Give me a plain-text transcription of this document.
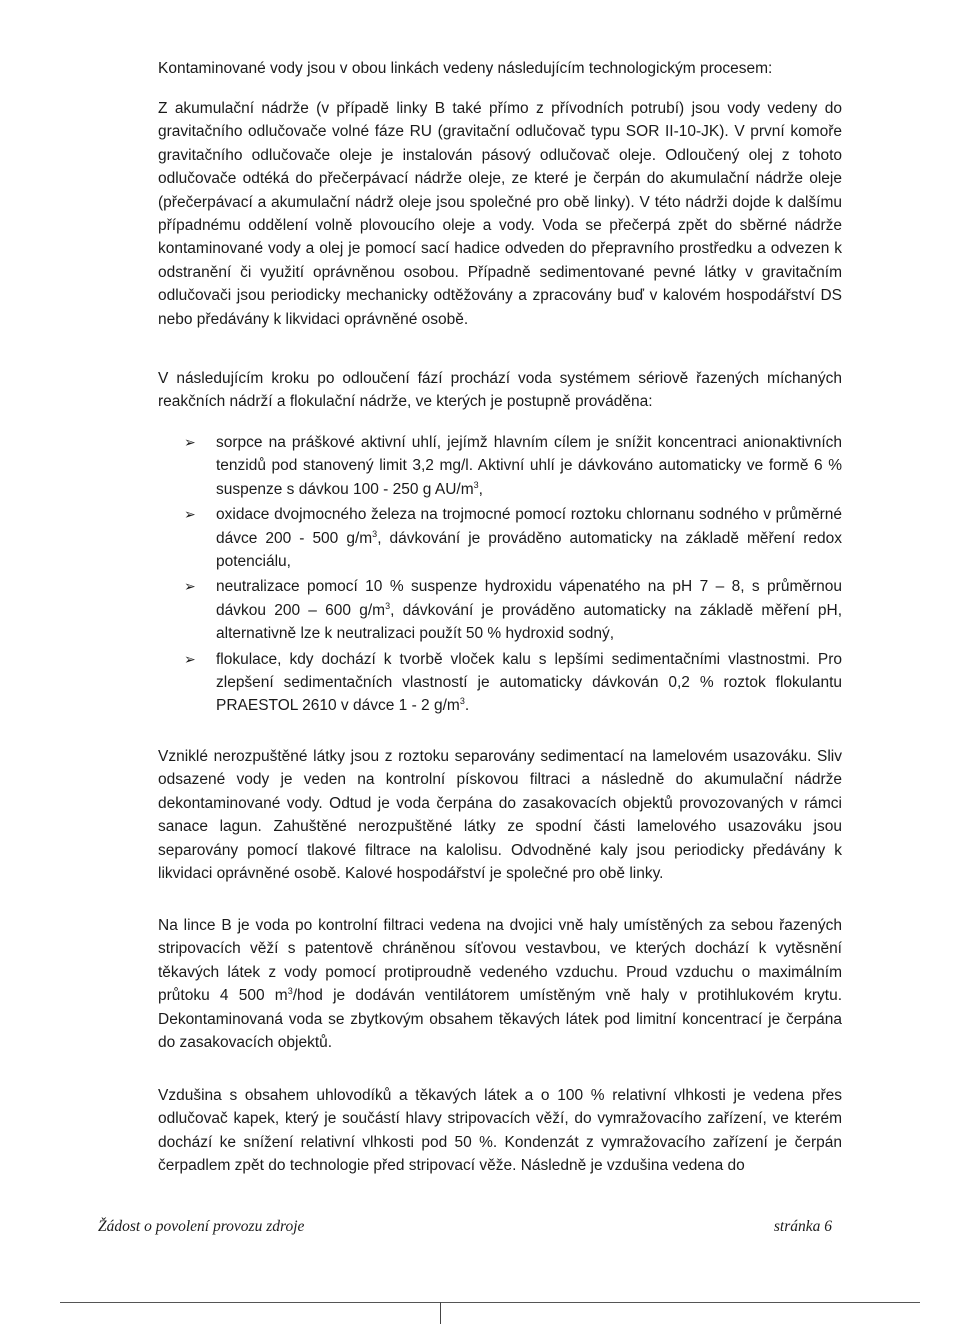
Kontaminované vody jsou v obou linkách vedeny následujícím technologickým procesem:

Z akumulační nádrže (v případě linky B také přímo z přívodních potrubí) jsou vody vedeny do gravitačního odlučovače volné fáze RU (gravitační odlučovač typu SOR II-10-JK). V první komoře gravitačního odlučovače oleje je instalován pásový odlučovač oleje. Odloučený olej z tohoto odlučovače odtéká do přečerpávací nádrže oleje, ze které je čerpán do akumulační nádrže oleje (přečerpávací a akumulační nádrž oleje jsou společné pro obě linky). V této nádrži dojde k dalšímu případnému oddělení volně plovoucího oleje a vody. Voda se přečerpá zpět do sběrné nádrže kontaminované vody a olej je pomocí sací hadice odveden do přepravního prostředku a odvezen k odstranění či využití oprávněnou osobou. Případně sedimentované pevné látky v gravitačním odlučovači jsou periodicky mechanicky odtěžovány a zpracovány buď v kalovém hospodářství DS nebo předávány k likvidaci oprávněné osobě.

V následujícím kroku po odloučení fází prochází voda systémem sériově řazených míchaných reakčních nádrží a flokulační nádrže, ve kterých je postupně prováděna:

➢ sorpce na práškové aktivní uhlí, jejímž hlavním cílem je snížit koncentraci anionaktivních tenzidů pod stanovený limit 3,2 mg/l. Aktivní uhlí je dávkováno automaticky ve formě 6 % suspenze s dávkou 100 - 250 g $AU/m^3$,
➢ oxidace dvojmocného železa na trojmocné pomocí roztoku chlornanu sodného v průměrné dávce 200 - 500 $g/m^3$, dávkování je prováděno automaticky na základě měření redox potenciálu,
➢ neutralizace pomocí 10 % suspenze hydroxidu vápenatého na pH 7 – 8, s průměrnou dávkou 200 – 600 $g/m^3$, dávkování je prováděno automaticky na základě měření pH, alternativně lze k neutralizaci použít 50 % hydroxid sodný,
➢ flokulace, kdy dochází k tvorbě vloček kalu s lepšími sedimentačními vlastnostmi. Pro zlepšení sedimentačních vlastností je automaticky dávkován 0,2 % roztok flokulantu PRAESTOL 2610 v dávce 1 - 2 $g/m^3$.

Vzniklé nerozpuštěné látky jsou z roztoku separovány sedimentací na lamelovém usazováku. Sliv odsazené vody je veden na kontrolní pískovou filtraci a následně do akumulační nádrže dekontaminované vody. Odtud je voda čerpána do zasakovacích objektů provozovaných v rámci sanace lagun. Zahuštěné nerozpuštěné látky ze spodní části lamelového usazováku jsou separovány pomocí tlakové filtrace na kalolisu. Odvodněné kaly jsou periodicky předávány k likvidaci oprávněné osobě. Kalové hospodářství je společné pro obě linky.

Na lince B je voda po kontrolní filtraci vedena na dvojici vně haly umístěných za sebou řazených stripovacích věží s patentově chráněnou síťovou vestavbou, ve kterých dochází k vytěsnění těkavých látek z vody pomocí protiproudně vedeného vzduchu. Proud vzduchu o maximálním průtoku 4 500 $m^3$/hod je dodáván ventilátorem umístěným vně haly v protihlukovém krytu. Dekontaminovaná voda se zbytkovým obsahem těkavých látek pod limitní koncentrací je čerpána do zasakovacích objektů.

Vzdušina s obsahem uhlovodíků a těkavých látek a o 100 % relativní vlhkosti je vedena přes odlučovač kapek, který je součástí hlavy stripovacích věží, do vymražovacího zařízení, ve kterém dochází ke snížení relativní vlhkosti pod 50 %. Kondenzát z vymražovacího zařízení je čerpán čerpadlem zpět do technologie před stripovací věže. Následně je vzdušina vedena do

Žádost o povolení provozu zdroje	stránka 6
